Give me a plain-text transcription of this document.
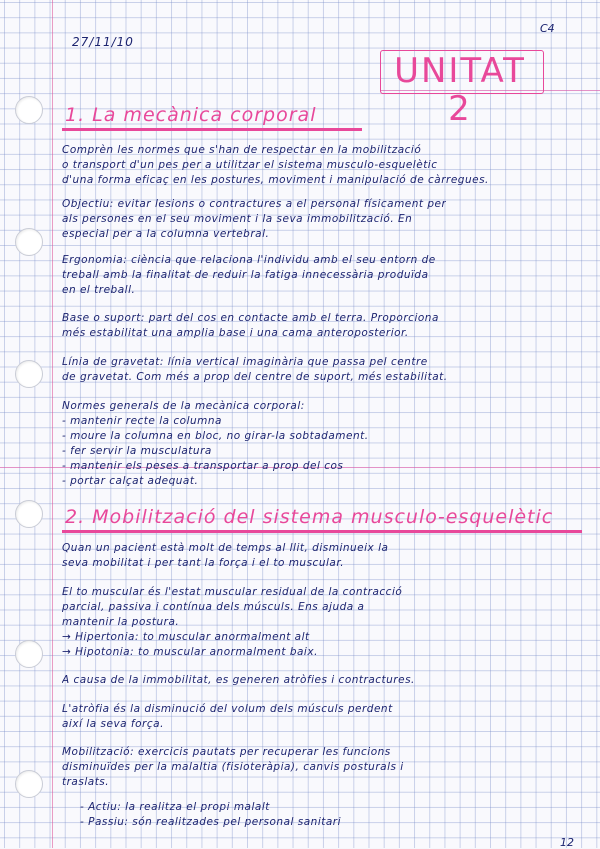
C4
27/11/10
UNITAT 2
1. La mecànica corporal
Comprèn les normes que s'han de respectar en la mobilització
o transport d'un pes per a utilitzar el sistema musculo-esquelètic
d'una forma eficaç en les postures, moviment i manipulació de càrregues.
Objectiu: evitar lesions o contractures a el personal físicament per
als persones en el seu moviment i la seva immobilització. En
especial per a la columna vertebral.
Ergonomia: ciència que relaciona l'individu amb el seu entorn de
treball amb la finalitat de reduir la fatiga innecessària produïda
en el treball.
Base o suport: part del cos en contacte amb el terra. Proporciona
més estabilitat una amplia base i una cama anteroposterior.
Línia de gravetat: línia vertical imaginària que passa pel centre
de gravetat. Com més a prop del centre de suport, més estabilitat.
Normes generals de la mecànica corporal:
- mantenir recte la columna
- moure la columna en bloc, no girar-la sobtadament.
- fer servir la musculatura
- mantenir els peses a transportar a prop del cos
- portar calçat adequat.
2. Mobilització del sistema musculo-esquelètic
Quan un pacient està molt de temps al llit, disminueix la
seva mobilitat i per tant la força i el to muscular.
El to muscular és l'estat muscular residual de la contracció
parcial, passiva i contínua dels músculs. Ens ajuda a
mantenir la postura.
→ Hipertonia: to muscular anormalment alt
→ Hipotonia: to muscular anormalment baix.
A causa de la immobilitat, es generen atròfies i contractures.
L'atròfia és la disminució del volum dels músculs perdent
així la seva força.
Mobilització: exercicis pautats per recuperar les funcions
disminuïdes per la malaltia (fisioteràpia), canvis posturals i
traslats.
- Actiu: la realitza el propi malalt
- Passiu: són realitzades pel personal sanitari
12
